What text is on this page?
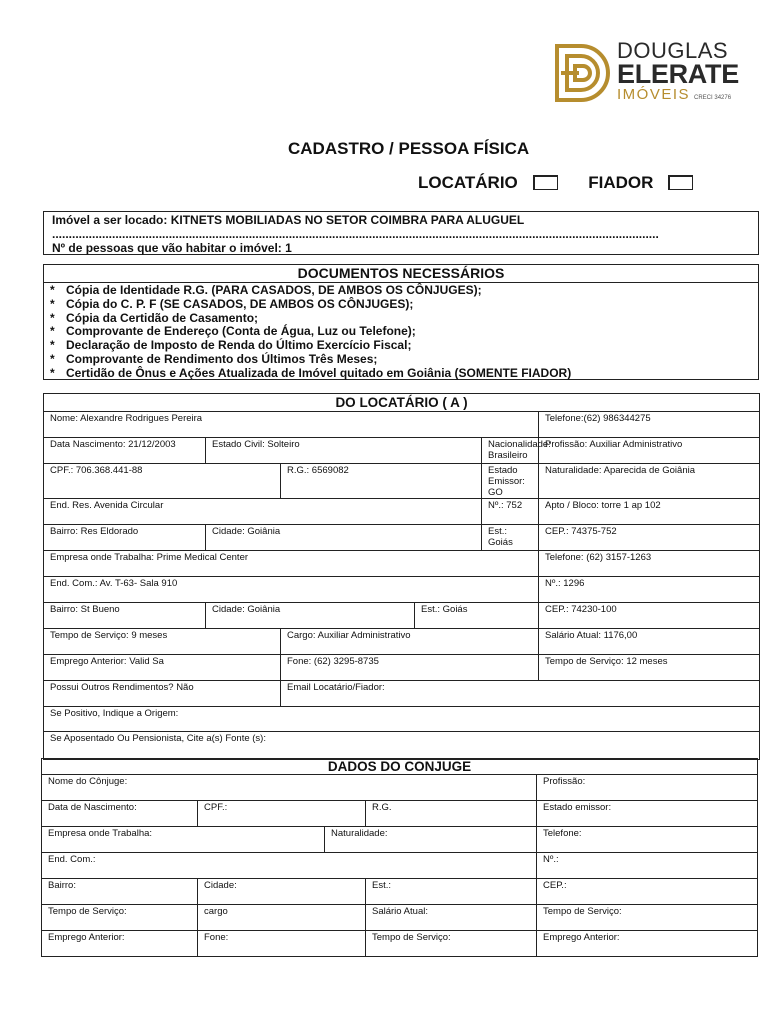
DOUGLAS
ELERATE
IMÓVEIS CRECI 34276
CADASTRO / PESSOA FÍSICA
LOCATÁRIO	FIADOR
Imóvel a ser locado: KITNETS MOBILIADAS NO SETOR COIMBRA PARA ALUGUEL
......................................................................................................................................................................................
Nº de pessoas que vão habitar o imóvel: 1
DOCUMENTOS NECESSÁRIOS
* Cópia de Identidade R.G. (PARA CASADOS, DE AMBOS OS CÔNJUGES);
* Cópia do C. P. F (SE CASADOS, DE AMBOS OS CÔNJUGES);
* Cópia da Certidão de Casamento;
* Comprovante de Endereço (Conta de Água, Luz ou Telefone);
* Declaração de Imposto de Renda do Último Exercício Fiscal;
* Comprovante de Rendimento dos Últimos Três Meses;
* Certidão de Ônus e Ações Atualizada de Imóvel quitado em Goiânia (SOMENTE FIADOR)
DO LOCATÁRIO ( A )					
Nome: Alexandre Rodrigues Pereira					Telefone:(62) 986344275
Data Nascimento: 21/12/2003	Estado Civil: Solteiro			Nacionalidade: Brasileiro	Profissão: Auxiliar Administrativo
CPF.: 706.368.441-88		R.G.: 6569082		Estado Emissor: GO	Naturalidade: Aparecida de Goiânia
End. Res. Avenida Circular				Nº.: 752	Apto / Bloco: torre 1 ap 102
Bairro: Res Eldorado	Cidade: Goiânia			Est.: Goiás	CEP.: 74375-752
Empresa onde Trabalha: Prime Medical Center					Telefone: (62) 3157-1263
End. Com.: Av. T-63- Sala 910					Nº.: 1296
Bairro: St Bueno	Cidade: Goiânia		Est.: Goiás		CEP.: 74230-100
Tempo de Serviço: 9 meses		Cargo: Auxiliar Administrativo			Salário Atual: 1176,00
Emprego Anterior: Valid Sa		Fone: (62) 3295-8735			Tempo de Serviço: 12 meses
Possui Outros Rendimentos? Não		Email Locatário/Fiador:			
Se Positivo, Indique a Origem:					
Se Aposentado Ou Pensionista, Cite a(s) Fonte (s):					
DADOS DO CONJUGE				
Nome do Cônjuge:				Profissão:
Data de Nascimento:	CPF.:		R.G.	Estado emissor:
Empresa onde Trabalha:		Naturalidade:		Telefone:
End. Com.:				Nº.:
Bairro:	Cidade:		Est.:	CEP.:
Tempo de Serviço:	cargo		Salário Atual:	Tempo de Serviço:
Emprego Anterior:	Fone:		Tempo de Serviço:	Emprego Anterior:
